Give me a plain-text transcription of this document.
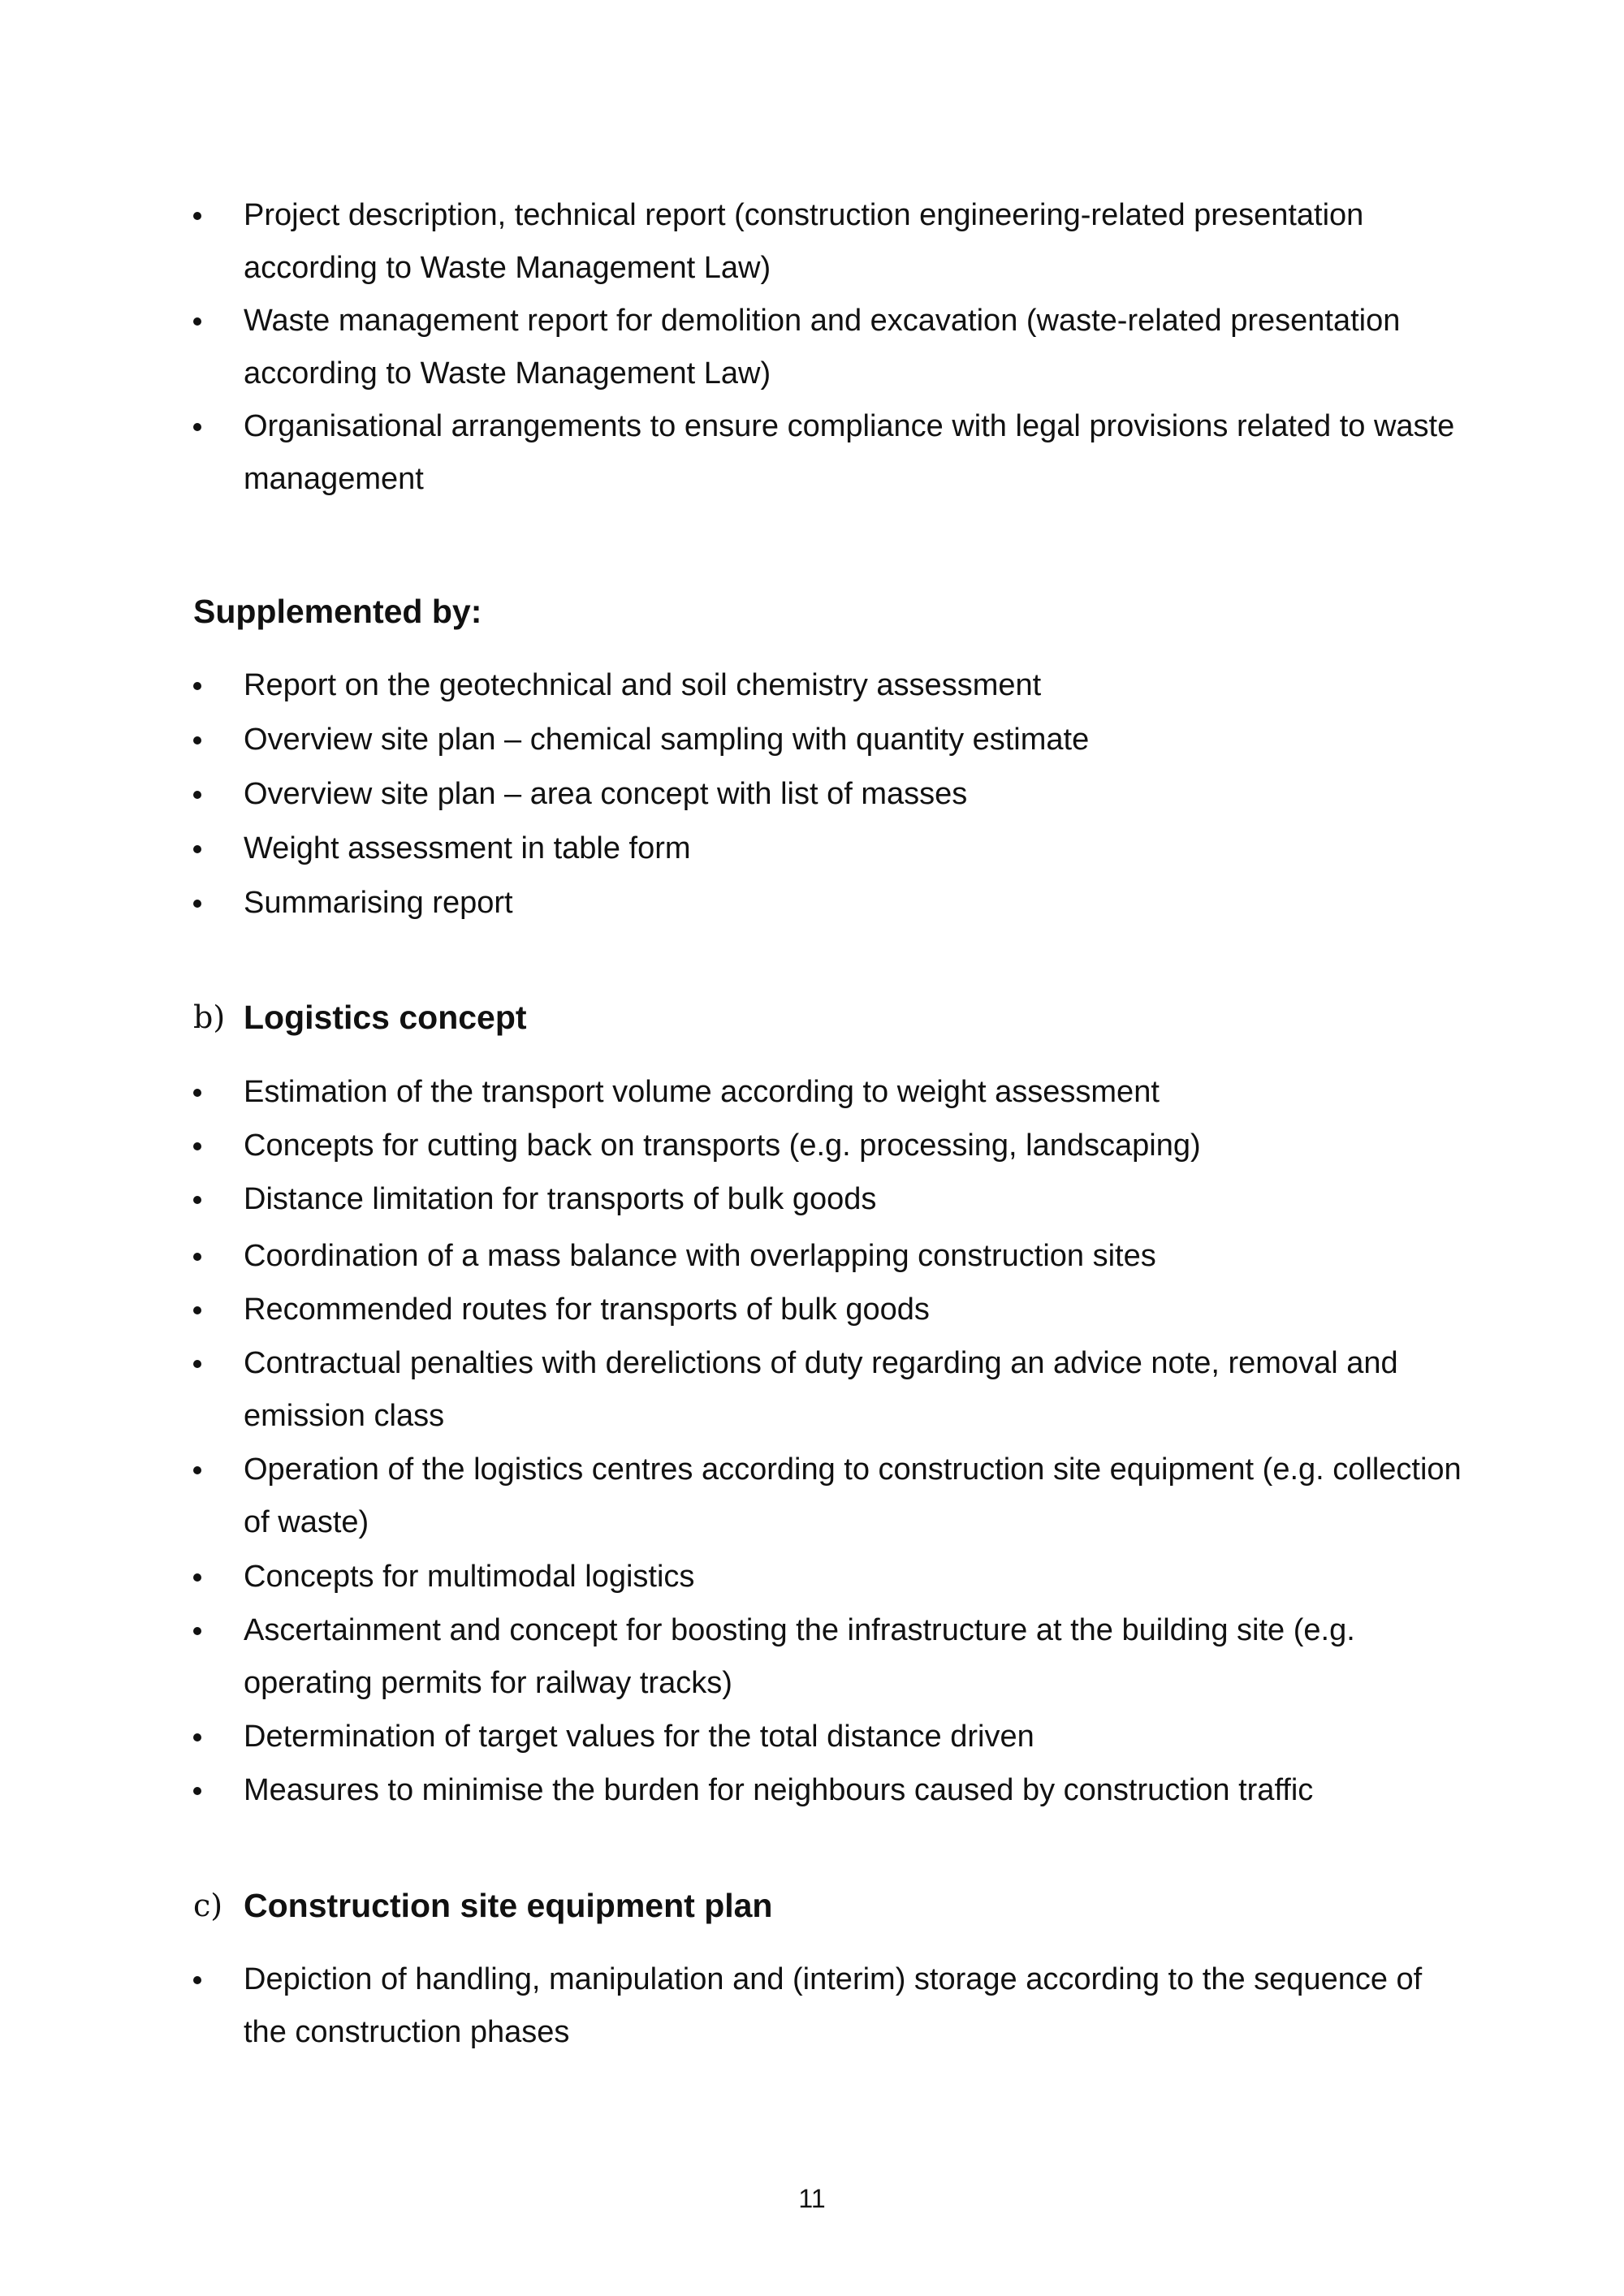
Project description, technical report (construction engineering-related presentation according to Waste Management Law)
Waste management report for demolition and excavation (waste-related presentation according to Waste Management Law)
Organisational arrangements to ensure compliance with legal provisions related to waste management
Supplemented by:
Report on the geotechnical and soil chemistry assessment
Overview site plan – chemical sampling with quantity estimate
Overview site plan – area concept with list of masses
Weight assessment in table form
Summarising report
b) Logistics concept
Estimation of the transport volume according to weight assessment
Concepts for cutting back on transports (e.g. processing, landscaping)
Distance limitation for transports of bulk goods
Coordination of a mass balance with overlapping construction sites
Recommended routes for transports of bulk goods
Contractual penalties with derelictions of duty regarding an advice note, removal and emission class
Operation of the logistics centres according to construction site equipment (e.g. collection of waste)
Concepts for multimodal logistics
Ascertainment and concept for boosting the infrastructure at the building site (e.g. operating permits for railway tracks)
Determination of target values for the total distance driven
Measures to minimise the burden for neighbours caused by construction traffic
c) Construction site equipment plan
Depiction of handling, manipulation and (interim) storage according to the sequence of the construction phases
11
